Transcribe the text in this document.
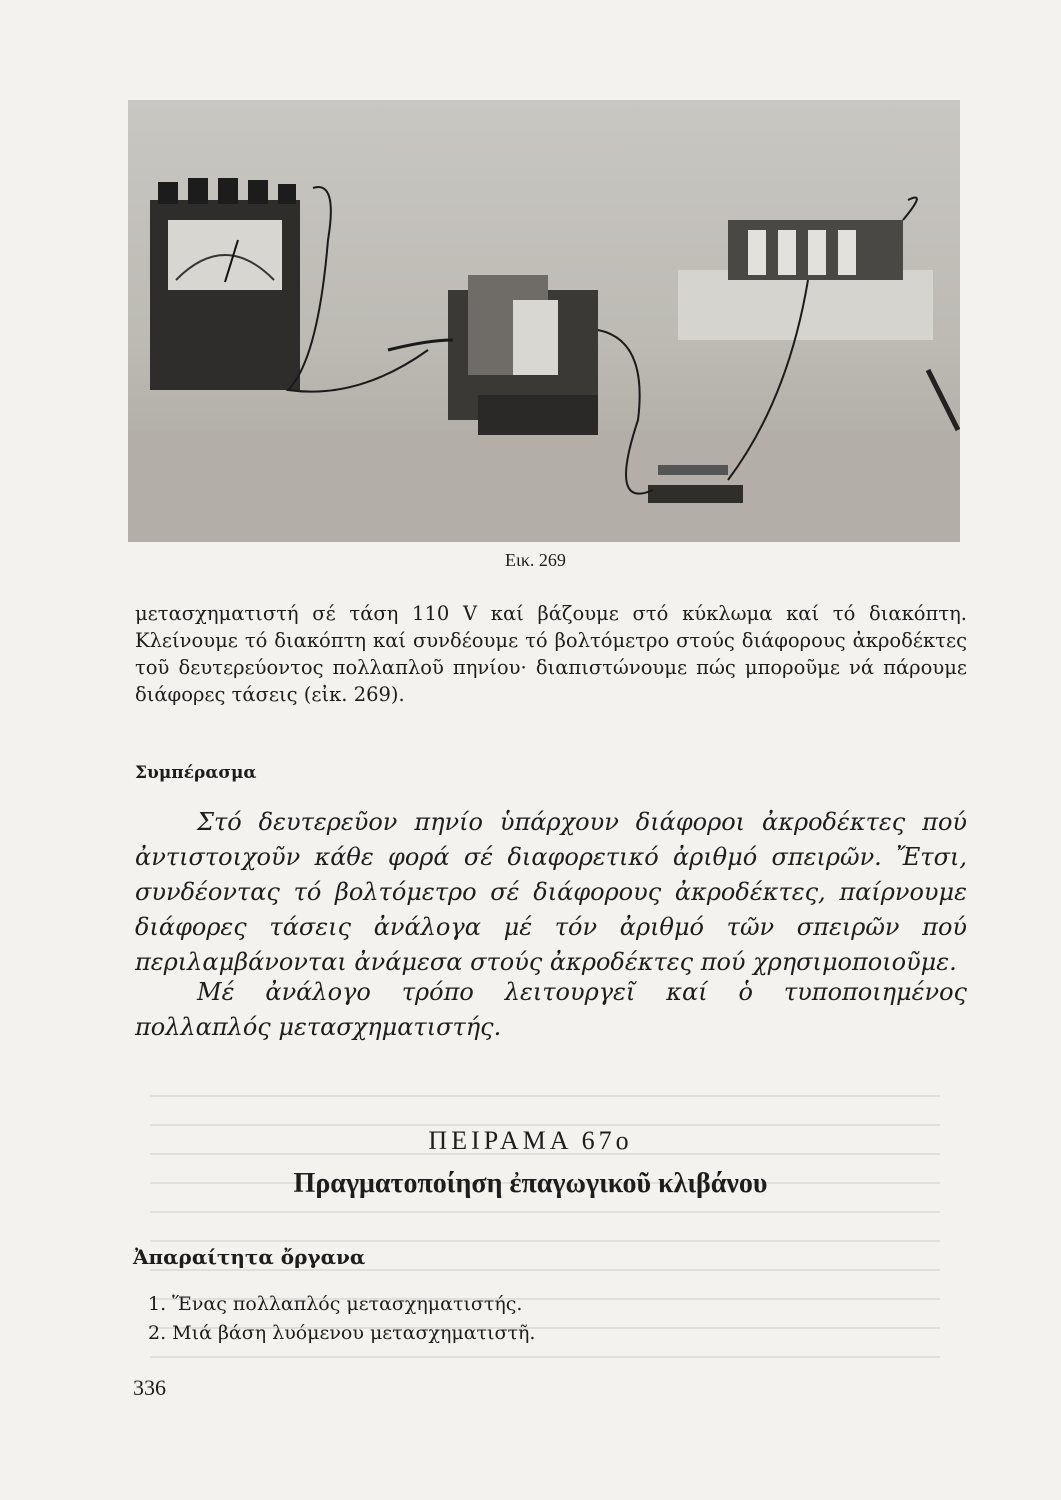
Εικ. 269

μετασχηματιστή σέ τάση 110 V καί βάζουμε στό κύκλωμα καί τό διακόπτη. Κλείνουμε τό διακόπτη καί συνδέουμε τό βολτόμετρο στούς διάφορους ἀκροδέκτες τοῦ δευτερεύοντος πολλαπλοῦ πηνίου· διαπιστώνουμε πώς μποροῦμε νά πάρουμε διάφορες τάσεις (εἰκ. 269).

Συμπέρασμα

Στό δευτερεῦον πηνίο ὑπάρχουν διάφοροι ἀκροδέκτες πού ἀντιστοιχοῦν κάθε φορά σέ διαφορετικό ἀριθμό σπειρῶν. Ἔτσι, συνδέοντας τό βολτόμετρο σέ διάφορους ἀκροδέκτες, παίρνουμε διάφορες τάσεις ἀνάλογα μέ τόν ἀριθμό τῶν σπειρῶν πού περιλαμβάνονται ἀνάμεσα στούς ἀκροδέκτες πού χρησιμοποιοῦμε.

Μέ ἀνάλογο τρόπο λειτουργεῖ καί ὁ τυποποιημένος πολλαπλός μετασχηματιστής.

ΠΕΙΡΑΜΑ 67ο
Πραγματοποίηση ἐπαγωγικοῦ κλιβάνου
Ἀπαραίτητα ὄργανα
1. Ἕνας πολλαπλός μετασχηματιστής.
2. Μιά βάση λυόμενου μετασχηματιστῆ.
336
